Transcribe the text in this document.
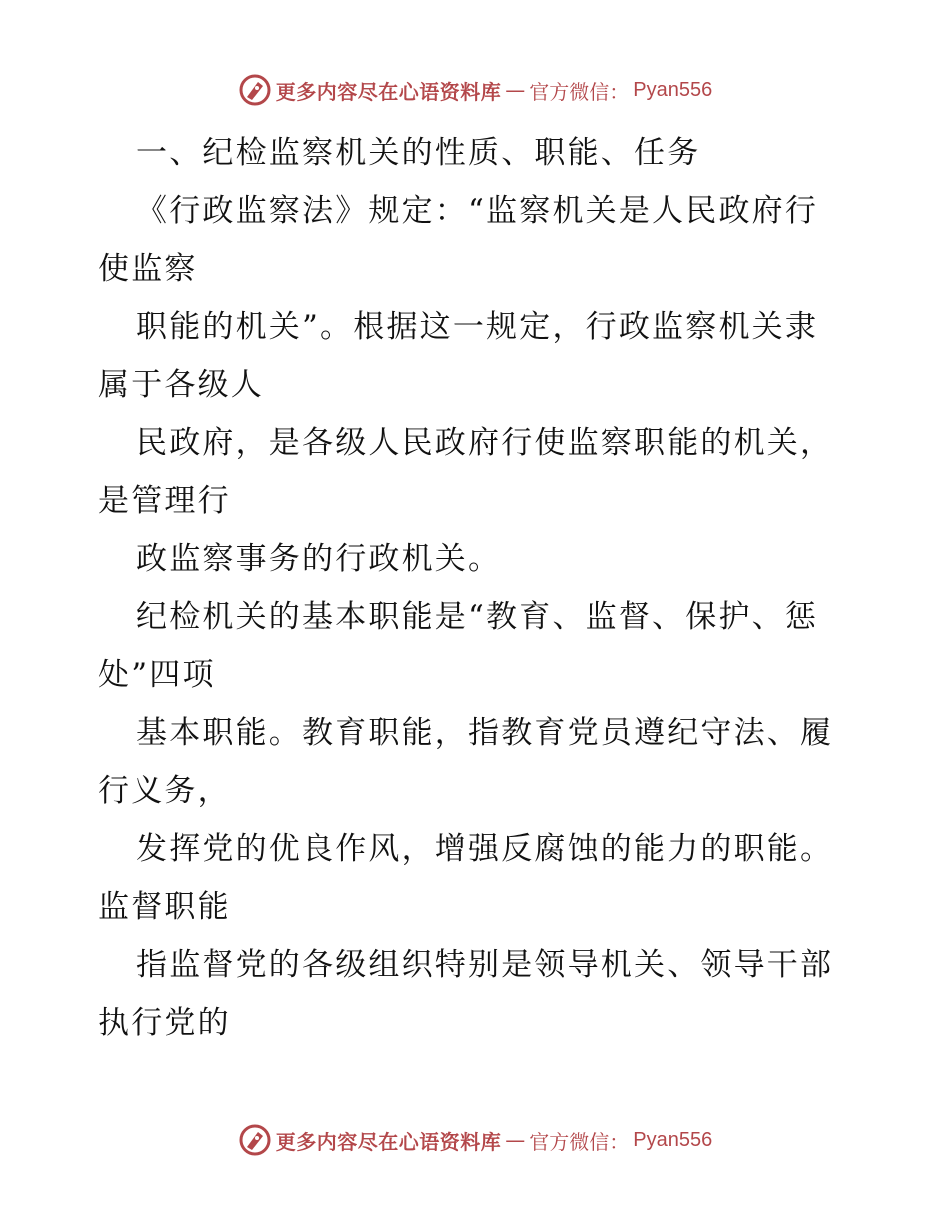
更多内容尽在心语资料库 — 官方微信： Pyan556
一、纪检监察机关的性质、职能、任务
《行政监察法》规定：“监察机关是人民政府行
使监察
职能的机关”。根据这一规定，行政监察机关隶
属于各级人
民政府，是各级人民政府行使监察职能的机关，
是管理行
政监察事务的行政机关。
纪检机关的基本职能是“教育、监督、保护、惩
处”四项
基本职能。教育职能，指教育党员遵纪守法、履
行义务，
发挥党的优良作风，增强反腐蚀的能力的职能。
监督职能
指监督党的各级组织特别是领导机关、领导干部
执行党的
更多内容尽在心语资料库 — 官方微信： Pyan556
